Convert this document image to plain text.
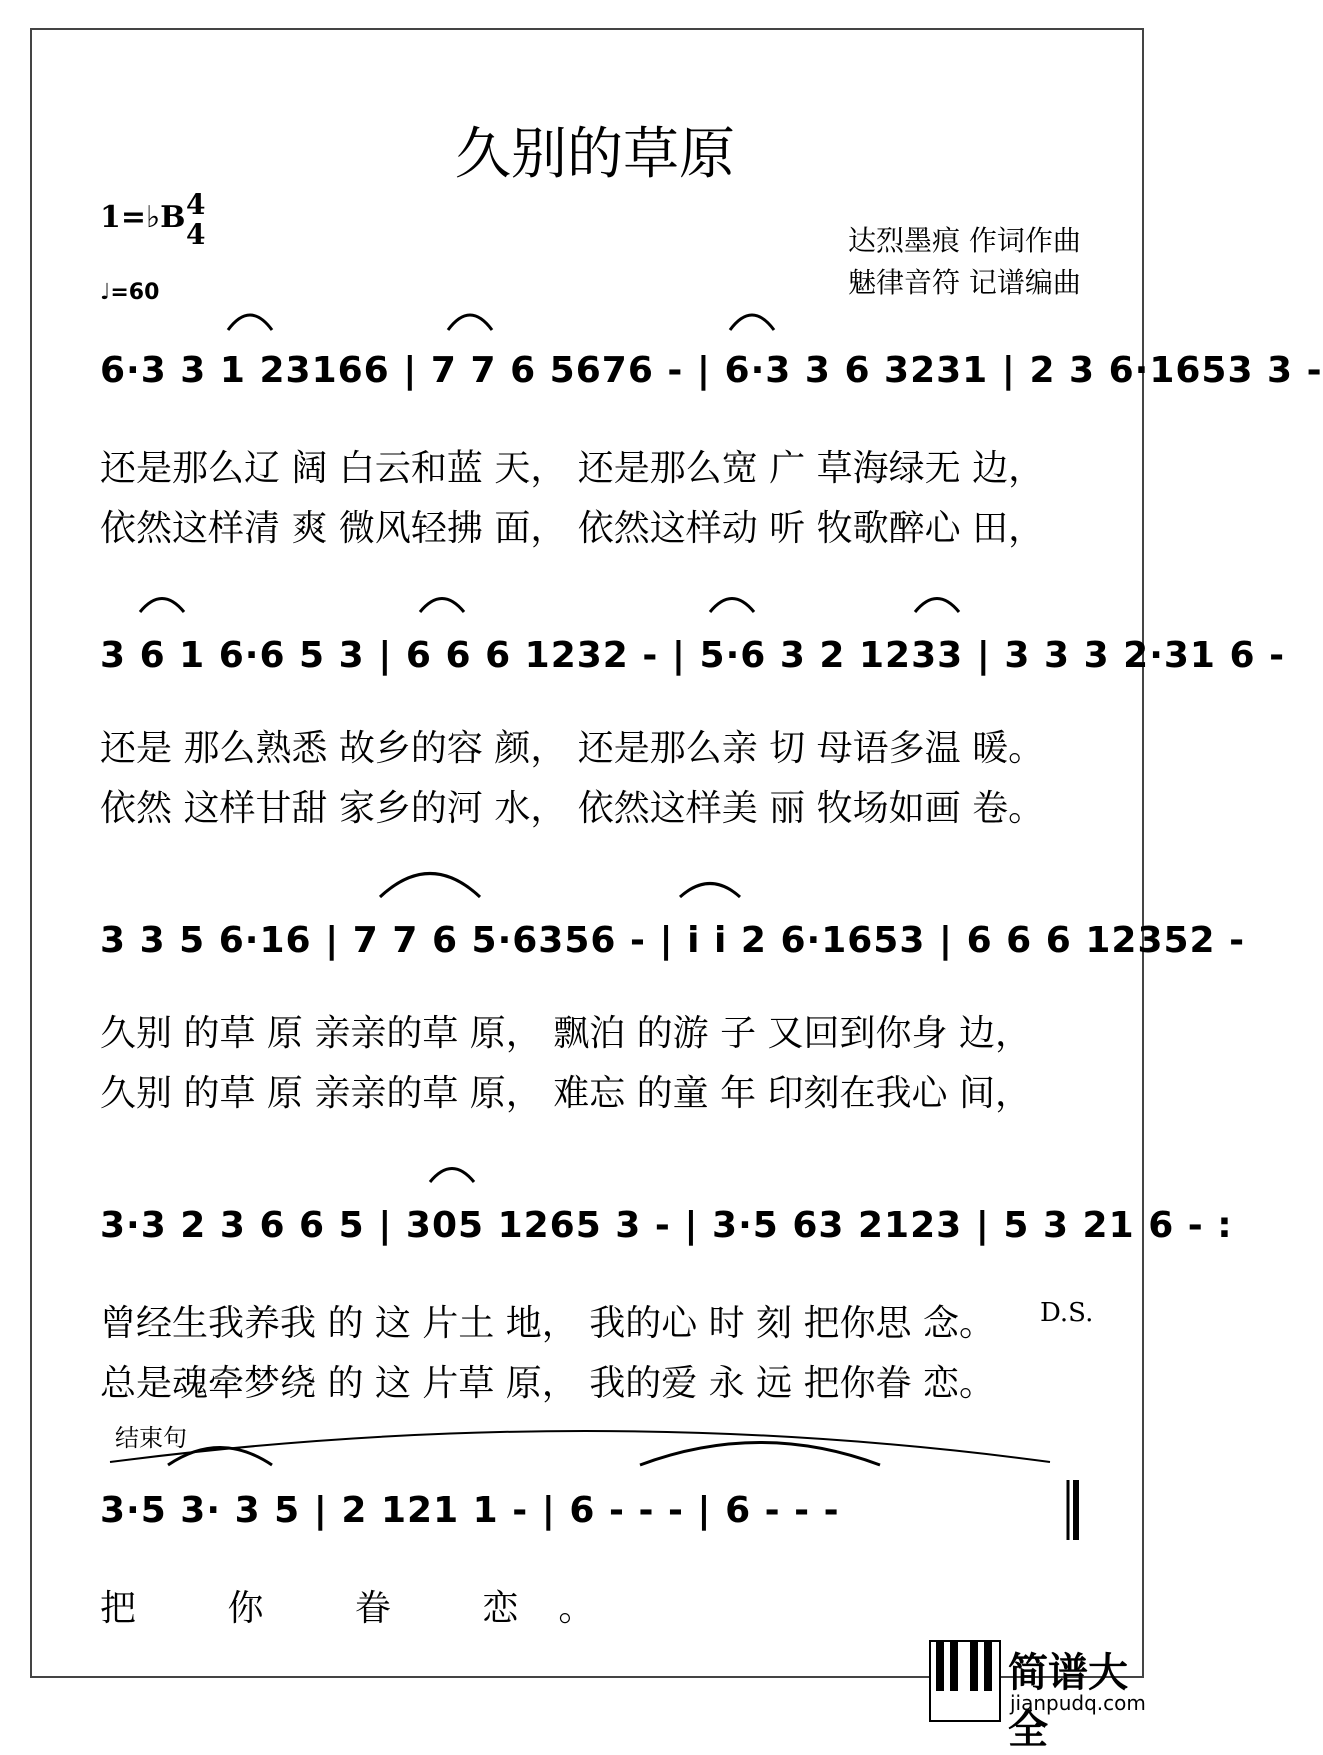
久别的草原
1=♭B 4
4
♩=60
达烈墨痕 作词作曲
魅律音符 记谱编曲
6·3 3 1 23166 | 7 7 6 5676 - | 6·3 3 6 3231 | 2 3 6·1653 3 -
还是那么辽 阔 白云和蓝 天， 还是那么宽 广 草海绿无 边，
依然这样清 爽 微风轻拂 面， 依然这样动 听 牧歌醉心 田，
3 6 1 6·6 5 3 | 6 6 6 1232 - | 5·6 3 2 1233 | 3 3 3 2·31 6 -
还是 那么熟悉 故乡的容 颜， 还是那么亲 切 母语多温 暖。
依然 这样甘甜 家乡的河 水， 依然这样美 丽 牧场如画 卷。
3 3 5 6·16 | 7 7 6 5·6356 - | i i 2 6·1653 | 6 6 6 12352 -
久别 的草 原 亲亲的草 原， 飘泊 的游 子 又回到你身 边，
久别 的草 原 亲亲的草 原， 难忘 的童 年 印刻在我心 间，
3·3 2 3 6 6 5 | 305 1265 3 - | 3·5 63 2123 | 5 3 21 6 - :
曾经生我养我 的 这 片土 地， 我的心 时 刻 把你思 念。
总是魂牵梦绕 的 这 片草 原， 我的爱 永 远 把你眷 恋。
D.S.
结束句
3·5 3· 3 5 | 2 121 1 - | 6 - - - | 6 - - -
把 你 眷 恋。
简谱大全
jianpudq.com
